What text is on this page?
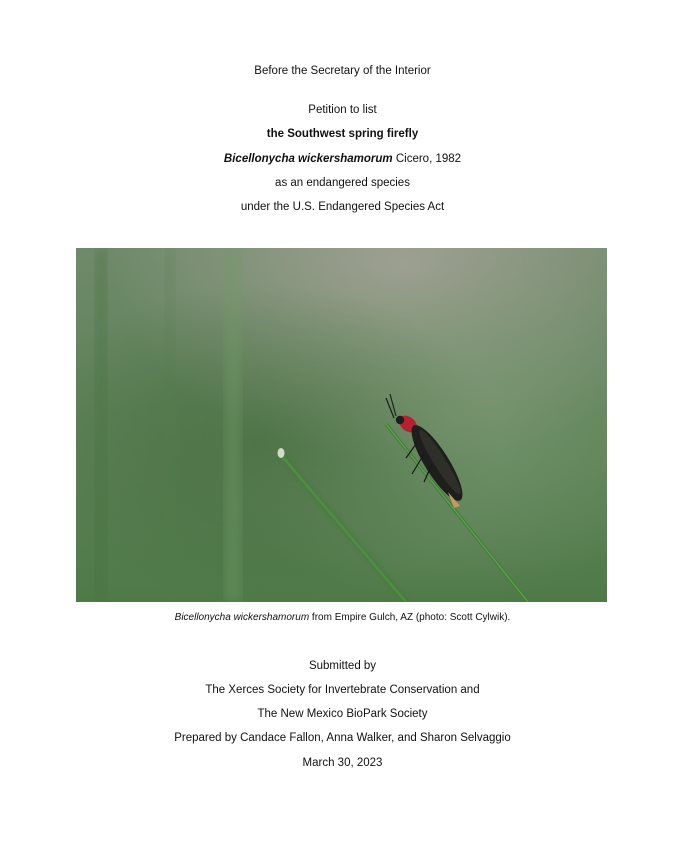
Before the Secretary of the Interior
Petition to list
the Southwest spring firefly
Bicellonycha wickershamorum Cicero, 1982
as an endangered species
under the U.S. Endangered Species Act
Bicellonycha wickershamorum from Empire Gulch, AZ (photo: Scott Cylwik).
Submitted by
The Xerces Society for Invertebrate Conservation and
The New Mexico BioPark Society
Prepared by Candace Fallon, Anna Walker, and Sharon Selvaggio
March 30, 2023
